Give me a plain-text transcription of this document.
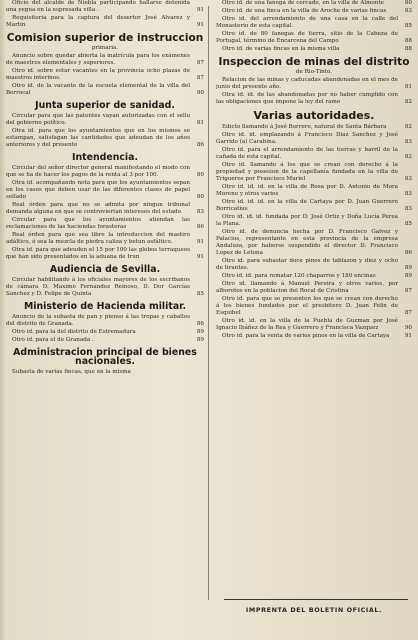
Oficio del alcalde de Niebla participando hallarse detenida una yegua en la espresada villa .	91
Requisitoria para la captura del desertor José Alvarez y Martin	91
Comision superior de instruccion
primaria.
Anuncio sobre quedar abierta la matrícula para los exámenes de maestros elementales y superiores.	87
Otro id. sobre estar vacantes en la provincia ocho plazas de maestros interinos.	87
Otro id. de la vacante de la escuela elemental de la villa del Berrocal	90
Junta superior de sanidad.
Circular para que las patentes vayan autorizadas con el sello del gobierno político.	81
Otra id. para que los ayuntamientos que en los mismos se estampan, satisfagan las cantidades que adeudan de los años anteriores y del presente	86
Intendencia.
Circular del señor director general manifestando el modo con que se ha de hacer los pagos de la renta al 3 por 100.	80
Otra id. acompañando nota para que los ayuntamientos sepan en los casos que deben usar de las diferentes clases de papel sellado	80
Real órden para que no se admita por ningun tribunal demanda alguna en que se controviertan intereses del estado	83
Circular para que los ayuntamientos atiendan las reclamaciones de las haciendas forasteras	86
Real órden para que sea libre la introduccion del mastiro adáltico, ó sea la mezcla de piedra caliza y betun asfáltico.	91
Otra id. para que adeuden el 15 por 100 las globos terraqueos que han sido presentados en la aduana de Irun	91
Audiencia de Sevilla.
Circular habilitando á los oficiales mayores de los escribanos de cámara D. Maximo Fernandez Reinoso, D. Dor Garcías Sanchez y D. Felipe de Quinta	85
Ministerio de Hacienda militar.
Anuncio de la subasta de pan y pienso á las tropas y caballos del distrito de Granada.	86
Otro id. para la del distrito de Estremadura	89
Otro id. para el de Granada .	89
Administracion principal de bienes nacionales.
Subasta de varias fincas, que en la misma
Otro id. de una fanega de cercado, en la villa de Almonte	80
Otro id. de una finca en la villa de Aroche de varias fincas	83
Otro id. del arrendamiento de una casa en la calle del Monasterio de esta capital.	85
Otro id. de 80 fanegas de tierra, sitio de la Cabeza de Portugal, término de Encarcena del Campo	88
Otro id. de varias fincas en la misma villa	88
Inspeccion de minas del distrito
de Rio-Tinto.
Relacion de las minas y caducadas abandonadas en el mes de junio del presente año.	81
Otra id. id. de las abandonadas por no haber cumplido con las obligaciones que impone la ley del ramo	82
Varias autoridades.
Edicto llamando á José Borrero, natural de Santa Bárbara	82
Otro id. id. emplazando á Francisco Diaz Sanchez y José Garrido (a) Carabina.	83
Otro id. para el arrendamiento de las tierras y barril de la cañada de esta capital.	82
Otro id. llamando á los que se crean con derecho á la propiedad y posesion de la capellanía fundada en la villa de Trigueros por Francisco Muriel	83
Otro id. id. id. en la villa de Rosa por D. Antonio de Mora Moreno y otros varios	83
Otro id. id. id. en la villa de Cartaya por D. Juan Guerrero Borricatius	83
Otro id. id. id. fundada por D. José Ortiz y Doña Lucía Perea la Plana.	85
Otro id. de denuncia hecha por D. Francisco Galvez y Palacios, representante en esta provincia de la empresa Andaluza, por haberse suspendido el director D. Francisco Lopez de Letona	86
Otro id. para subastar doce pinos de tablazon y diez y ocho de tirantes.	89
Otro id. id. para rematar 120 chaparros y 180 encinas	89
Otro id. llamando á Manuel Pereira y otros varios, por alborotos en la poblacion del Rocal de Cristina	87
Otro id. para que se presenten los que se crean con derecho á los bienes fundados por el presbitero D. Juan Felix de Esquibel	87
Otro id. id. en la villa de la Puebla de Guzman por José Ignacio Ibáñez de la Rea y Guerrero y Francisca Vazquez	90
Otro id. para la venta de varios pinos en la villa de Cartaya	91
IMPRENTA DEL BOLETIN OFICIAL.
